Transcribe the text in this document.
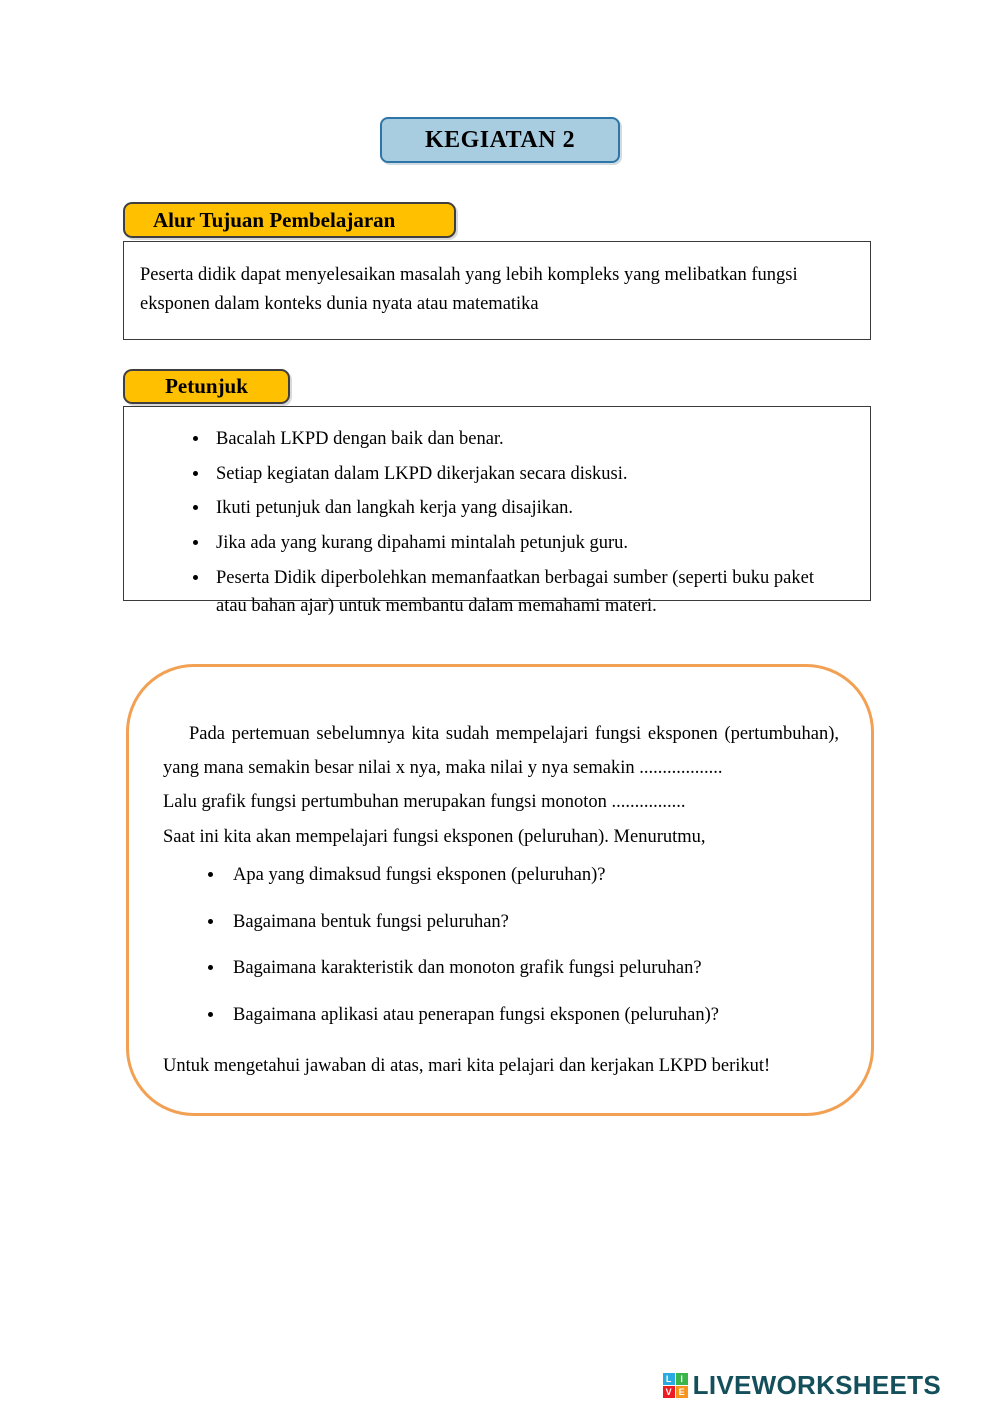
KEGIATAN 2
Alur Tujuan Pembelajaran

Peserta didik dapat menyelesaikan masalah yang lebih kompleks yang melibatkan fungsi eksponen dalam konteks dunia nyata atau matematika

Petunjuk
• Bacalah LKPD dengan baik dan benar.
• Setiap kegiatan dalam LKPD dikerjakan secara diskusi.
• Ikuti petunjuk dan langkah kerja yang disajikan.
• Jika ada yang kurang dipahami mintalah petunjuk guru.
• Peserta Didik diperbolehkan memanfaatkan berbagai sumber (seperti buku paket atau bahan ajar) untuk membantu dalam memahami materi.

Pada pertemuan sebelumnya kita sudah mempelajari fungsi eksponen (pertumbuhan), yang mana semakin besar nilai x nya, maka nilai y nya semakin ..................

Lalu grafik fungsi pertumbuhan merupakan fungsi monoton ................

Saat ini kita akan mempelajari fungsi eksponen (peluruhan). Menurutmu,

• Apa yang dimaksud fungsi eksponen (peluruhan)?
• Bagaimana bentuk fungsi peluruhan?
• Bagaimana karakteristik dan monoton grafik fungsi peluruhan?
• Bagaimana aplikasi atau penerapan fungsi eksponen (peluruhan)?

Untuk mengetahui jawaban di atas, mari kita pelajari dan kerjakan LKPD berikut!

L I
V E LIVEWORKSHEETS
